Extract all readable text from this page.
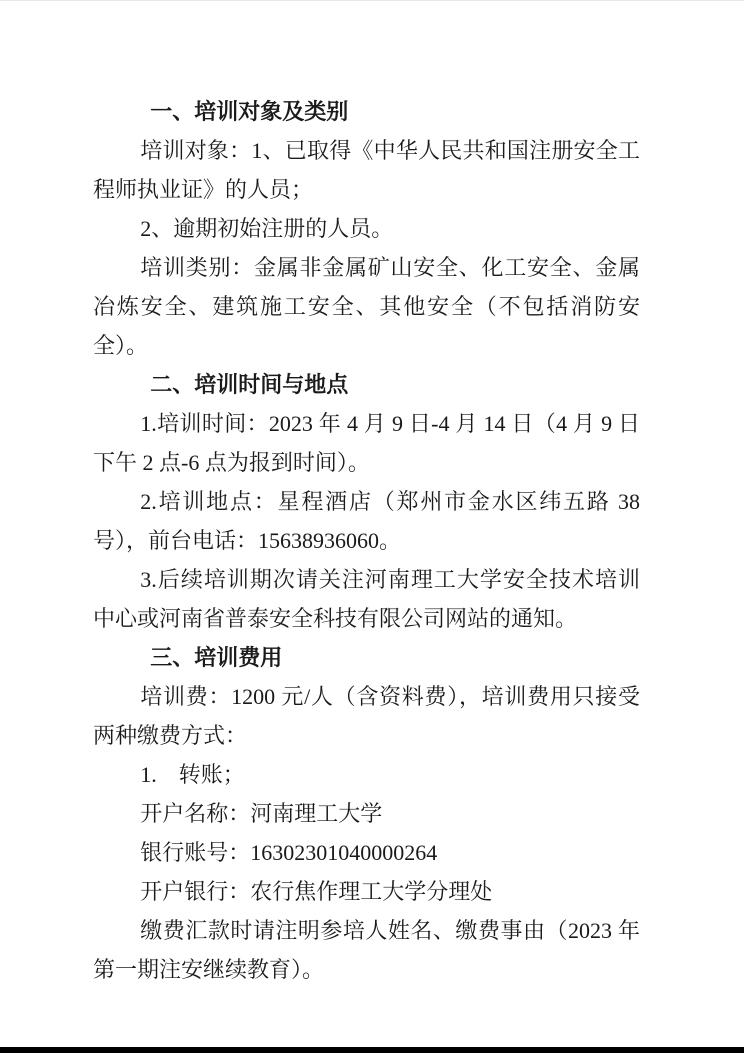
一、培训对象及类别
培训对象：1、已取得《中华人民共和国注册安全工程师执业证》的人员；
2、逾期初始注册的人员。
培训类别：金属非金属矿山安全、化工安全、金属冶炼安全、建筑施工安全、其他安全（不包括消防安全）。
二、培训时间与地点
1.培训时间：2023 年 4 月 9 日-4 月 14 日（4 月 9 日下午 2 点-6 点为报到时间）。
2.培训地点：星程酒店（郑州市金水区纬五路 38 号），前台电话：15638936060。
3.后续培训期次请关注河南理工大学安全技术培训中心或河南省普泰安全科技有限公司网站的通知。
三、培训费用
培训费：1200 元/人（含资料费），培训费用只接受两种缴费方式：
1.　转账；
开户名称：河南理工大学
银行账号：16302301040000264
开户银行：农行焦作理工大学分理处
缴费汇款时请注明参培人姓名、缴费事由（2023 年第一期注安继续教育）。
